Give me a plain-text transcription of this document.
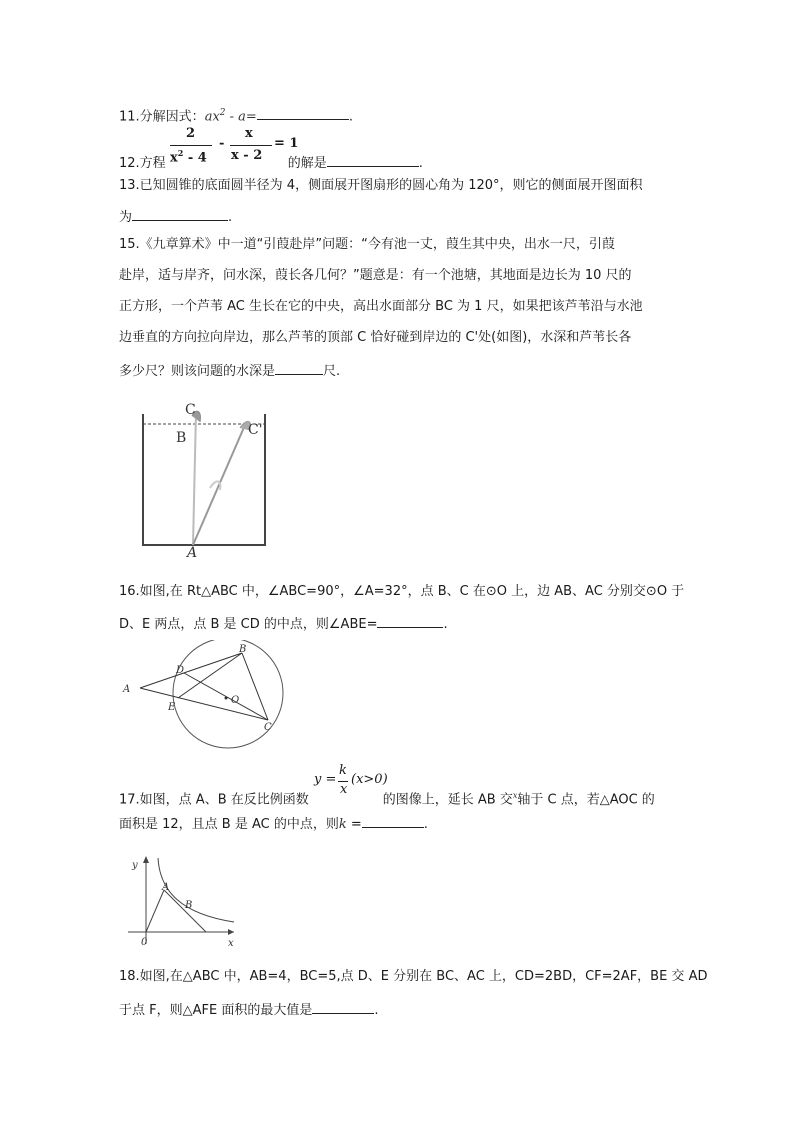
11.分解因式：$ax^2 - a=$	.
2
$x^2 - 4$
-
x
x - 2
= 1
12.方程	的解是	.
13.已知圆锥的底面圆半径为 4，侧面展开图扇形的圆心角为 120°，则它的侧面展开图面积
为	.
15.《九章算术》中一道“引葭赴岸”问题：“今有池一丈，葭生其中央，出水一尺，引葭
赴岸，适与岸齐，问水深，葭长各几何？”题意是：有一个池塘，其地面是边长为 10 尺的
正方形，一个芦苇 AC 生长在它的中央，高出水面部分 BC 为 1 尺，如果把该芦苇沿与水池
边垂直的方向拉向岸边，那么芦苇的顶部 C 恰好碰到岸边的 C'处(如图)，水深和芦苇长各
多少尺？则该问题的水深是	尺.
C
B	C'
A
16.如图,在 Rt△ABC 中，∠ABC=90°，∠A=32°，点 B、C 在⊙O 上，边 AB、AC 分别交⊙O 于
D、E 两点，点 B 是 CD 的中点，则∠ABE=	.
A
B
C
D
E
O
k
y =
x
(x>0)
17.如图，点 A、B 在反比例函数	的图像上，延长 AB 交$^x$轴于 C 点，若△AOC 的
面积是 12，且点 B 是 AC 的中点，则k =	.
y
x
A
B
0
18.如图,在△ABC 中，AB=4，BC=5,点 D、E 分别在 BC、AC 上，CD=2BD，CF=2AF，BE 交 AD
于点 F，则△AFE 面积的最大值是	.
